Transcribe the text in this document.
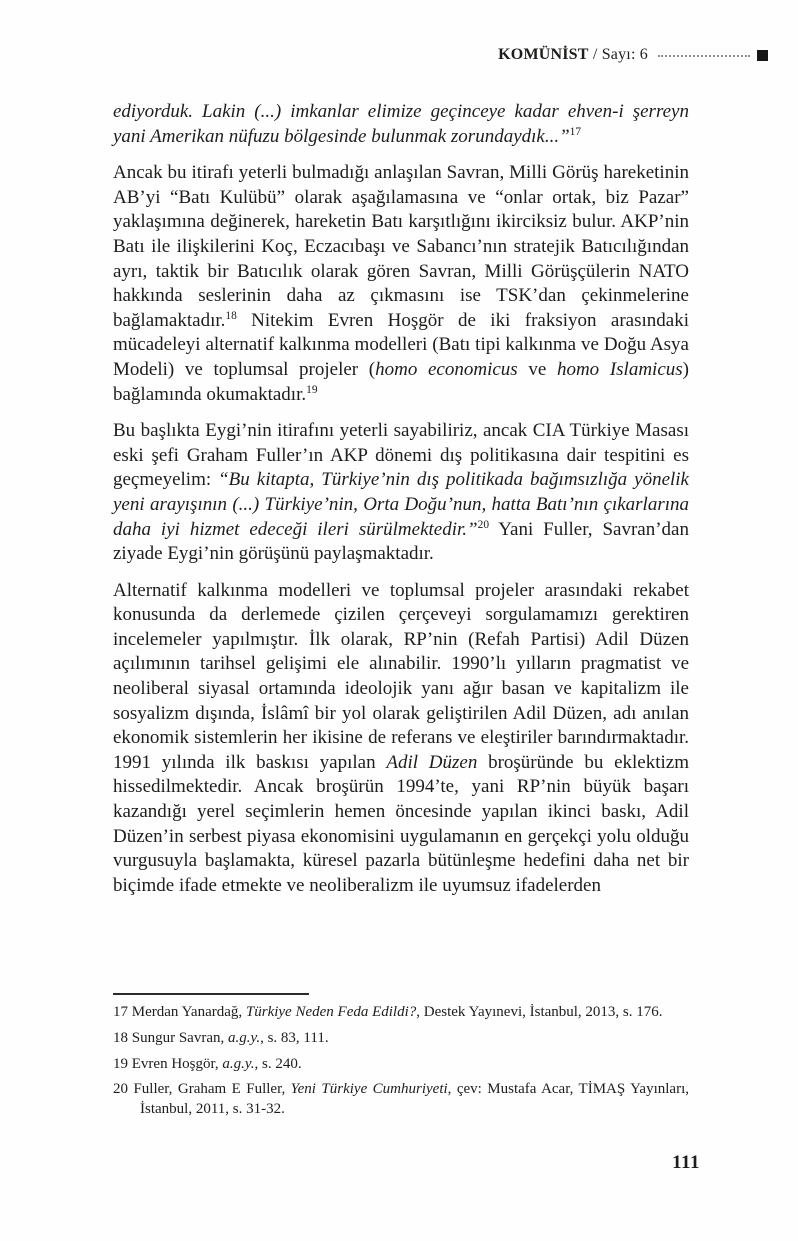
KOMÜNİST
/ Sayı: 6

ediyorduk. Lakin (...) imkanlar elimize geçinceye kadar ehven-i şerreyn yani Amerikan nüfuzu bölgesinde bulunmak zorundaydık...”$^{17}$

Ancak bu itirafı yeterli bulmadığı anlaşılan Savran, Milli Görüş hareketinin AB’yi “Batı Kulübü” olarak aşağılamasına ve “onlar ortak, biz Pazar” yaklaşımına değinerek, hareketin Batı karşıtlığını ikirciksiz bulur. AKP’nin Batı ile ilişkilerini Koç, Eczacıbaşı ve Sabancı’nın stratejik Batıcılığından ayrı, taktik bir Batıcılık olarak gören Savran, Milli Görüşçülerin NATO hakkında seslerinin daha az çıkmasını ise TSK’dan çekinmelerine bağlamaktadır.$^{18}$ Nitekim Evren Hoşgör de iki fraksiyon arasındaki mücadeleyi alternatif kalkınma modelleri (Batı tipi kalkınma ve Doğu Asya Modeli) ve toplumsal projeler (homo economicus ve homo Islamicus) bağlamında okumaktadır.$^{19}$

Bu başlıkta Eygi’nin itirafını yeterli sayabiliriz, ancak CIA Türkiye Masası eski şefi Graham Fuller’ın AKP dönemi dış politikasına dair tespitini es geçmeyelim: “Bu kitapta, Türkiye’nin dış politikada bağımsızlığa yönelik yeni arayışının (...) Türkiye’nin, Orta Doğu’nun, hatta Batı’nın çıkarlarına daha iyi hizmet edeceği ileri sürülmektedir.”$^{20}$ Yani Fuller, Savran’dan ziyade Eygi’nin görüşünü paylaşmaktadır.

Alternatif kalkınma modelleri ve toplumsal projeler arasındaki rekabet konusunda da derlemede çizilen çerçeveyi sorgulamamızı gerektiren incelemeler yapılmıştır. İlk olarak, RP’nin (Refah Partisi) Adil Düzen açılımının tarihsel gelişimi ele alınabilir. 1990’lı yılların pragmatist ve neoliberal siyasal ortamında ideolojik yanı ağır basan ve kapitalizm ile sosyalizm dışında, İslâmî bir yol olarak geliştirilen Adil Düzen, adı anılan ekonomik sistemlerin her ikisine de referans ve eleştiriler barındırmaktadır. 1991 yılında ilk baskısı yapılan Adil Düzen broşüründe bu eklektizm hissedilmektedir. Ancak broşürün 1994’te, yani RP’nin büyük başarı kazandığı yerel seçimlerin hemen öncesinde yapılan ikinci baskı, Adil Düzen’in serbest piyasa ekonomisini uygulamanın en gerçekçi yolu olduğu vurgusuyla başlamakta, küresel pazarla bütünleşme hedefini daha net bir biçimde ifade etmekte ve neoliberalizm ile uyumsuz ifadelerden

17 Merdan Yanardağ, Türkiye Neden Feda Edildi?, Destek Yayınevi, İstanbul, 2013, s. 176.

18 Sungur Savran, a.g.y., s. 83, 111.

19 Evren Hoşgör, a.g.y., s. 240.

20 Fuller, Graham E Fuller, Yeni Türkiye Cumhuriyeti, çev: Mustafa Acar, TİMAŞ Yayınları, İstanbul, 2011, s. 31-32.

111
